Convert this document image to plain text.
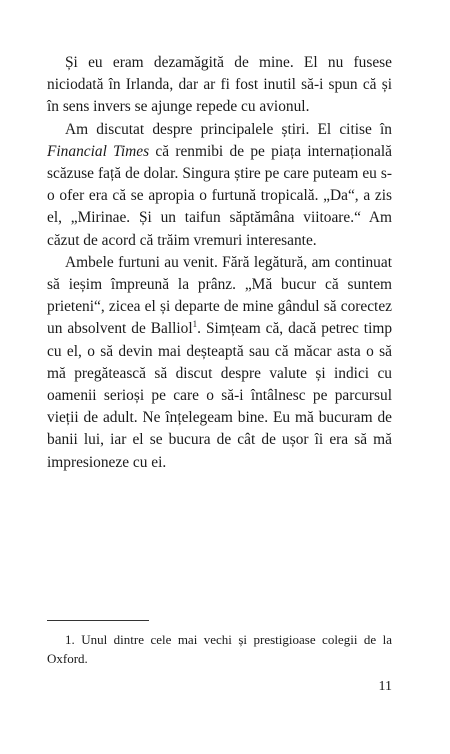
Și eu eram dezamăgită de mine. El nu fusese niciodată în Irlanda, dar ar fi fost inutil să-i spun că și în sens invers se ajunge repede cu avionul.

Am discutat despre principalele știri. El citise în Financial Times că renmibi de pe piața internațională scăzuse față de dolar. Singura știre pe care puteam eu s-o ofer era că se apropia o furtună tropicală. „Da“, a zis el, „Mirinae. Și un taifun săptămâna viitoare.“ Am căzut de acord că trăim vremuri interesante.

Ambele furtuni au venit. Fără legătură, am continuat să ieșim împreună la prânz. „Mă bucur că suntem prieteni“, zicea el și departe de mine gândul să corectez un absolvent de Balliol$^1$. Simțeam că, dacă petrec timp cu el, o să devin mai deșteaptă sau că măcar asta o să mă pregătească să discut despre valute și indici cu oamenii serioși pe care o să-i întâlnesc pe parcursul vieții de adult. Ne înțelegeam bine. Eu mă bucuram de banii lui, iar el se bucura de cât de ușor îi era să mă impresioneze cu ei.

1. Unul dintre cele mai vechi și prestigioase colegii de la Oxford.
11
